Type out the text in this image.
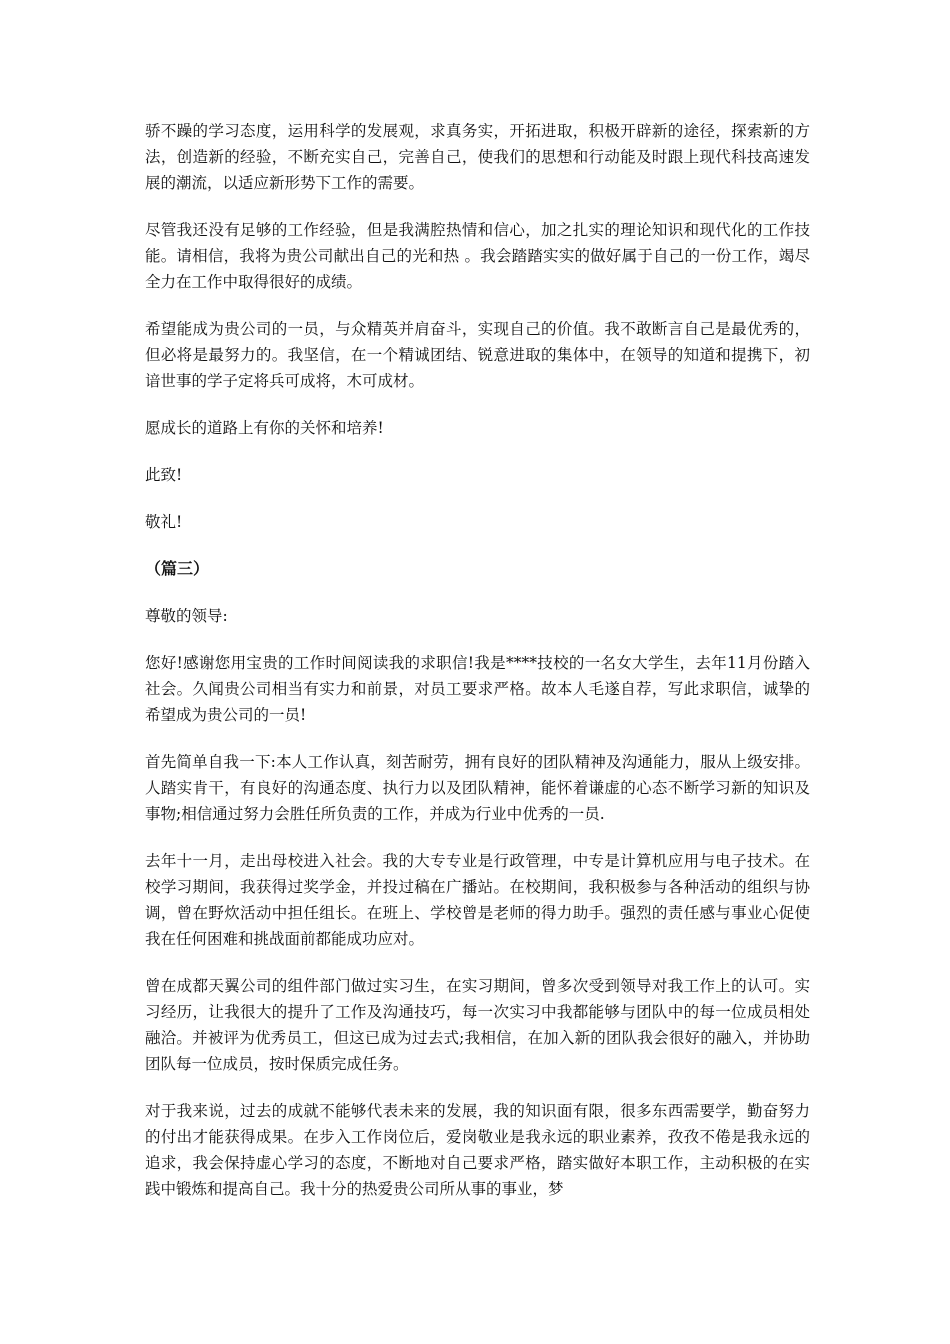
骄不躁的学习态度，运用科学的发展观，求真务实，开拓进取，积极开辟新的途径，探索新的方法，创造新的经验，不断充实自己，完善自己，使我们的思想和行动能及时跟上现代科技高速发展的潮流，以适应新形势下工作的需要。

尽管我还没有足够的工作经验，但是我满腔热情和信心，加之扎实的理论知识和现代化的工作技能。请相信，我将为贵公司献出自己的光和热 。我会踏踏实实的做好属于自己的一份工作，竭尽全力在工作中取得很好的成绩。

希望能成为贵公司的一员，与众精英并肩奋斗，实现自己的价值。我不敢断言自己是最优秀的，但必将是最努力的。我坚信，在一个精诚团结、锐意进取的集体中，在领导的知道和提携下，初谙世事的学子定将兵可成将，木可成材。

愿成长的道路上有你的关怀和培养!

此致!

敬礼!

（篇三）

尊敬的领导:

您好!感谢您用宝贵的工作时间阅读我的求职信!我是****技校的一名女大学生，去年11月份踏入社会。久闻贵公司相当有实力和前景，对员工要求严格。故本人毛遂自荐，写此求职信，诚挚的希望成为贵公司的一员!

首先简单自我一下:本人工作认真，刻苦耐劳，拥有良好的团队精神及沟通能力，服从上级安排。 人踏实肯干，有良好的沟通态度、执行力以及团队精神，能怀着谦虚的心态不断学习新的知识及事物;相信通过努力会胜任所负责的工作，并成为行业中优秀的一员.

去年十一月，走出母校进入社会。我的大专专业是行政管理，中专是计算机应用与电子技术。在校学习期间，我获得过奖学金，并投过稿在广播站。在校期间，我积极参与各种活动的组织与协调，曾在野炊活动中担任组长。在班上、学校曾是老师的得力助手。强烈的责任感与事业心促使我在任何困难和挑战面前都能成功应对。

曾在成都天翼公司的组件部门做过实习生，在实习期间，曾多次受到领导对我工作上的认可。实习经历，让我很大的提升了工作及沟通技巧，每一次实习中我都能够与团队中的每一位成员相处融洽。并被评为优秀员工，但这已成为过去式;我相信，在加入新的团队我会很好的融入，并协助团队每一位成员，按时保质完成任务。

对于我来说，过去的成就不能够代表未来的发展，我的知识面有限，很多东西需要学，勤奋努力的付出才能获得成果。在步入工作岗位后，爱岗敬业是我永远的职业素养，孜孜不倦是我永远的追求，我会保持虚心学习的态度，不断地对自己要求严格，踏实做好本职工作，主动积极的在实践中锻炼和提高自己。我十分的热爱贵公司所从事的事业，梦
